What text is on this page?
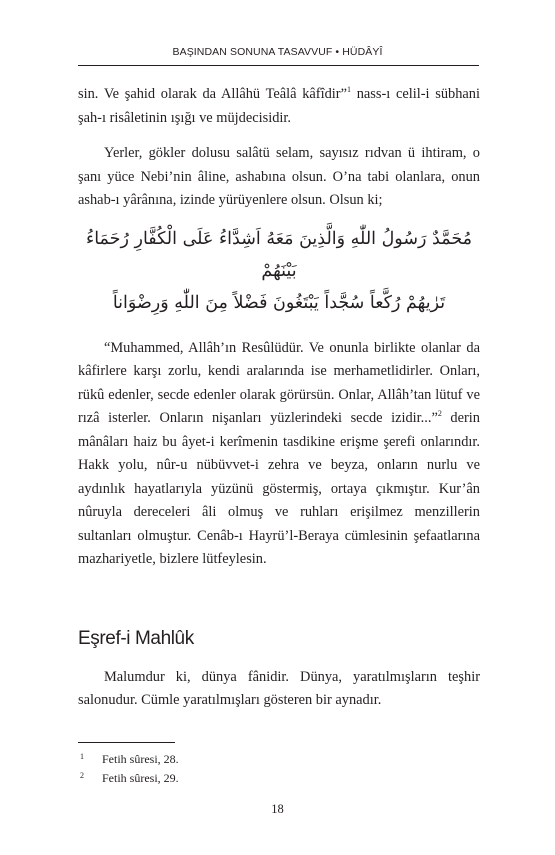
BAŞINDAN SONUNA TASAVVUF • HÜDÂYÎ

sin. Ve şahid olarak da Allâhü Teâlâ kâfîdir”$^1$ nass-ı celil-i sübhani şah-ı risâletinin ışığı ve müjdecisidir.

Yerler, gökler dolusu salâtü selam, sayısız rıdvan ü ihtiram, o şanı yüce Nebi’nin âline, ashabına olsun. O’na tabi olanlara, onun ashab-ı yârânına, izinde yürüyenlere olsun. Olsun ki;

مُحَمَّدٌ رَسُولُ اللّٰهِ وَالَّذِينَ مَعَهُ اَشِدَّاءُ عَلَى الْكُفَّارِ رُحَمَاءُ بَيْنَهُمْ
تَرٰيهُمْ رُكَّعاً سُجَّداً يَبْتَغُونَ فَضْلاً مِنَ اللّٰهِ وَرِضْوَاناً

“Muhammed, Allâh’ın Resûlüdür. Ve onunla birlikte olanlar da kâfirlere karşı zorlu, kendi aralarında ise merhametlidirler. Onları, rükû edenler, secde edenler olarak görürsün. Onlar, Allâh’tan lütuf ve rızâ isterler. Onların nişanları yüzlerindeki secde izidir...”$^2$ derin mânâları haiz bu âyet-i kerîmenin tasdikine erişme şerefi onlarındır. Hakk yolu, nûr-u nübüvvet-i zehra ve beyza, onların nurlu ve aydınlık hayatlarıyla yüzünü göstermiş, ortaya çıkmıştır. Kur’ân nûruyla dereceleri âli olmuş ve ruhları erişilmez menzillerin sultanları olmuştur. Cenâb-ı Hayrü’l-Beraya cümlesinin şefaatlarına mazhariyetle, bizlere lütfeylesin.

Eşref-i Mahlûk

Malumdur ki, dünya fânidir. Dünya, yaratılmışların teşhir salonudur. Cümle yaratılmışları gösteren bir aynadır.

1 Fetih sûresi, 28.
2 Fetih sûresi, 29.
18
